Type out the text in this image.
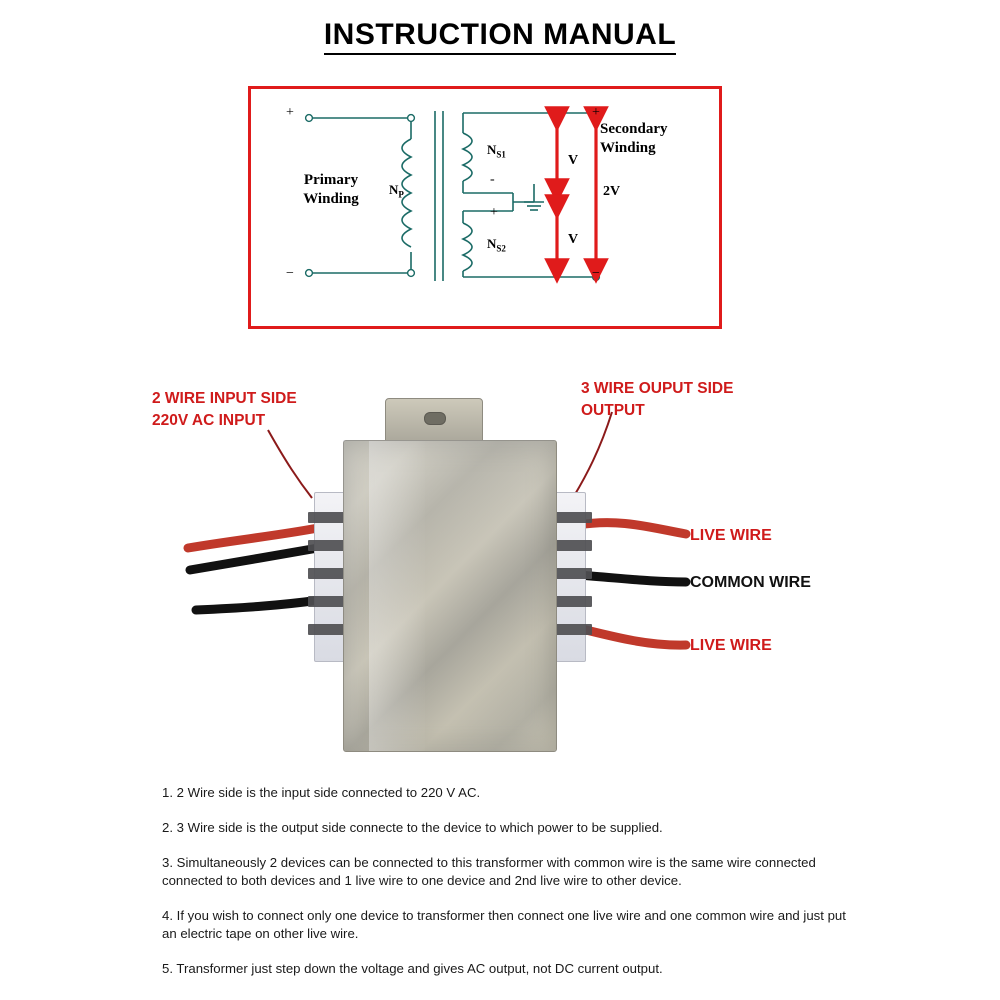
INSTRUCTION MANUAL
Primary
Winding
Secondary
Winding
$N_P$
$N_{S1}$
$N_{S2}$
V
V
2V
+
−
+
−
-
+
2 WIRE INPUT SIDE
220V AC INPUT
3 WIRE OUPUT SIDE
OUTPUT
LIVE WIRE
COMMON WIRE
LIVE WIRE

1. 2 Wire side is the input side connected to 220 V AC.

2. 3 Wire side is the output side connecte to the device to which power to be supplied.

3. Simultaneously 2 devices can be connected to this transformer with common wire is the same wire connected connected to both devices and 1 live wire to one device and 2nd live wire to other device.

4. If you wish to connect only one device to transformer then connect one live wire and one common wire and just put an electric tape on other live wire.

5. Transformer just step down the voltage and gives AC output, not DC current output.
